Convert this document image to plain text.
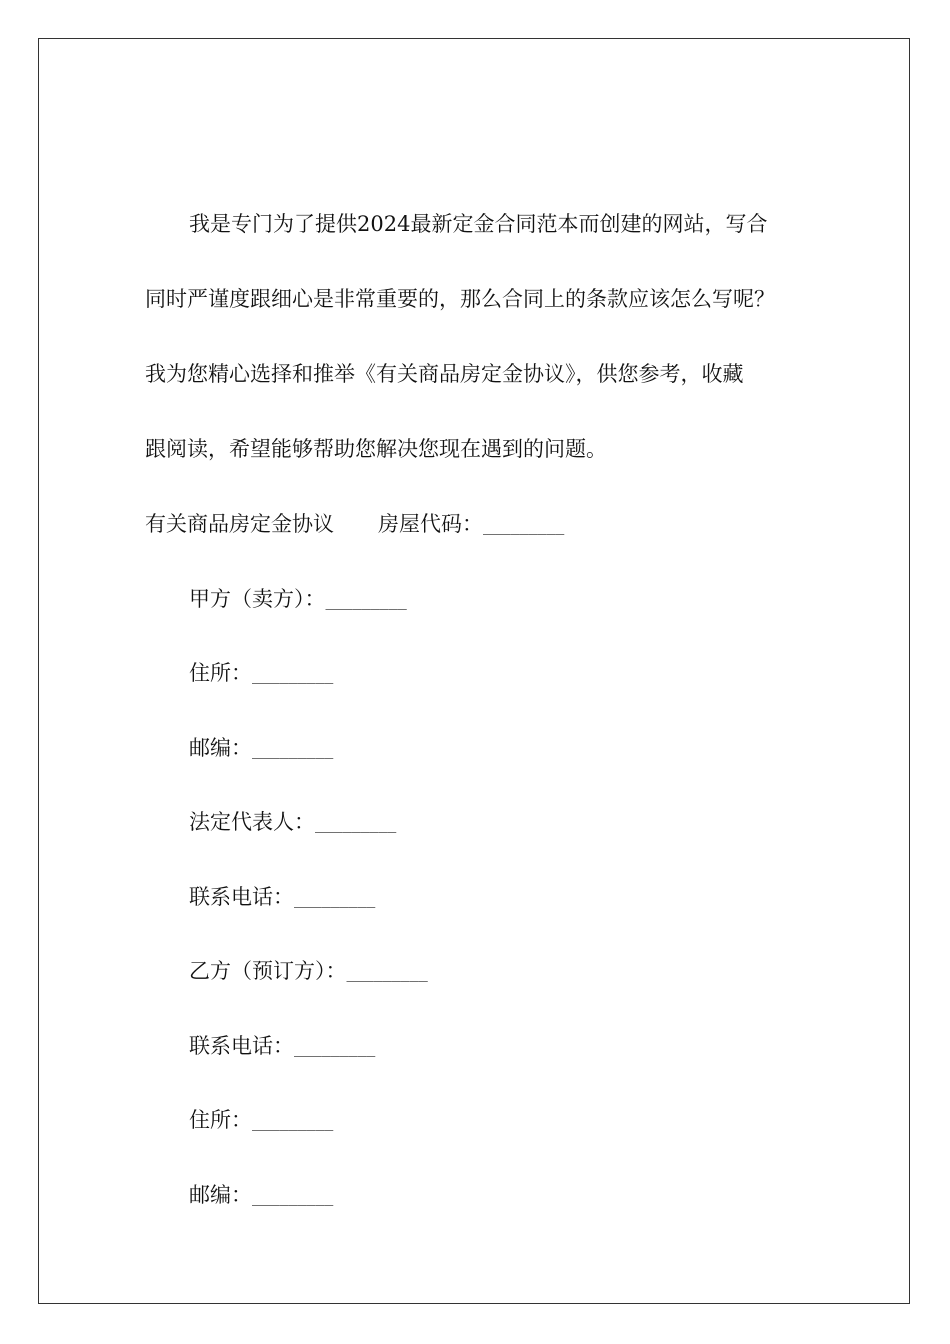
我是专门为了提供2024最新定金合同范本而创建的网站，写合
同时严谨度跟细心是非常重要的，那么合同上的条款应该怎么写呢？
我为您精心选择和推举《有关商品房定金协议》，供您参考，收藏
跟阅读，希望能够帮助您解决您现在遇到的问题。
有关商品房定金协议 房屋代码：_________
甲方（卖方）：_________
住所：_________
邮编：_________
法定代表人：_________
联系电话：_________
乙方（预订方）：_________
联系电话：_________
住所：_________
邮编：_________
